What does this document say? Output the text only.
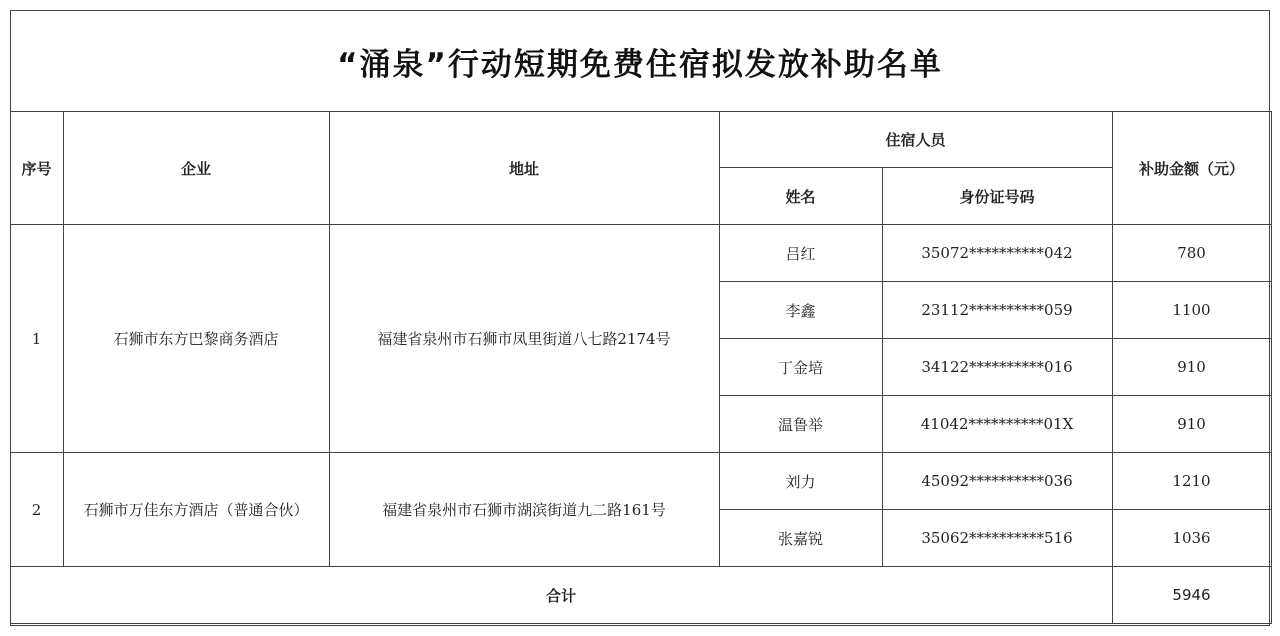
“涌泉”行动短期免费住宿拟发放补助名单
序号	企业	地址	住宿人员		补助金额（元）
			姓名	身份证号码	
1	石狮市东方巴黎商务酒店	福建省泉州市石狮市凤里街道八七路2174号	吕红	35072**********042	780
			李鑫	23112**********059	1100
			丁金培	34122**********016	910
			温鲁举	41042**********01X	910
2	石狮市万佳东方酒店（普通合伙）	福建省泉州市石狮市湖滨街道九二路161号	刘力	45092**********036	1210
			张嘉锐	35062**********516	1036
合计					5946
